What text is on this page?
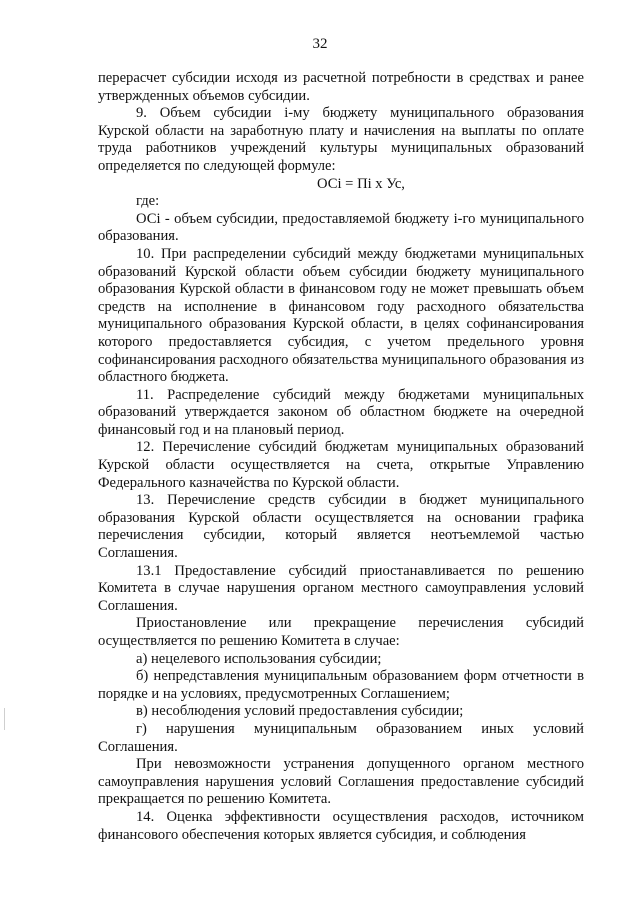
32

перерасчет субсидии исходя из расчетной потребности в средствах и ранее утвержденных объемов субсидии.

9. Объем субсидии i-му бюджету муниципального образования Курской области на заработную плату и начисления на выплаты по оплате труда работников учреждений культуры муниципальных образований определяется по следующей формуле:

ОСi = Пi х Ус,

где:

ОСi - объем субсидии, предоставляемой бюджету i-го муниципального образования.

10. При распределении субсидий между бюджетами муниципальных образований Курской области объем субсидии бюджету муниципального образования Курской области в финансовом году не может превышать объем средств на исполнение в финансовом году расходного обязательства муниципального образования Курской области, в целях софинансирования которого предоставляется субсидия, с учетом предельного уровня софинансирования расходного обязательства муниципального образования из областного бюджета.

11. Распределение субсидий между бюджетами муниципальных образований утверждается законом об областном бюджете на очередной финансовый год и на плановый период.

12. Перечисление субсидий бюджетам муниципальных образований Курской области осуществляется на счета, открытые Управлению Федерального казначейства по Курской области.

13. Перечисление средств субсидии в бюджет муниципального образования Курской области осуществляется на основании графика перечисления субсидии, который является неотъемлемой частью Соглашения.

13.1 Предоставление субсидий приостанавливается по решению Комитета в случае нарушения органом местного самоуправления условий Соглашения.

Приостановление или прекращение перечисления субсидий осуществляется по решению Комитета в случае:

а) нецелевого использования субсидии;

б) непредставления муниципальным образованием форм отчетности в порядке и на условиях, предусмотренных Соглашением;

в) несоблюдения условий предоставления субсидии;

г) нарушения муниципальным образованием иных условий Соглашения.

При невозможности устранения допущенного органом местного самоуправления нарушения условий Соглашения предоставление субсидий прекращается по решению Комитета.

14. Оценка эффективности осуществления расходов, источником финансового обеспечения которых является субсидия, и соблюдения
